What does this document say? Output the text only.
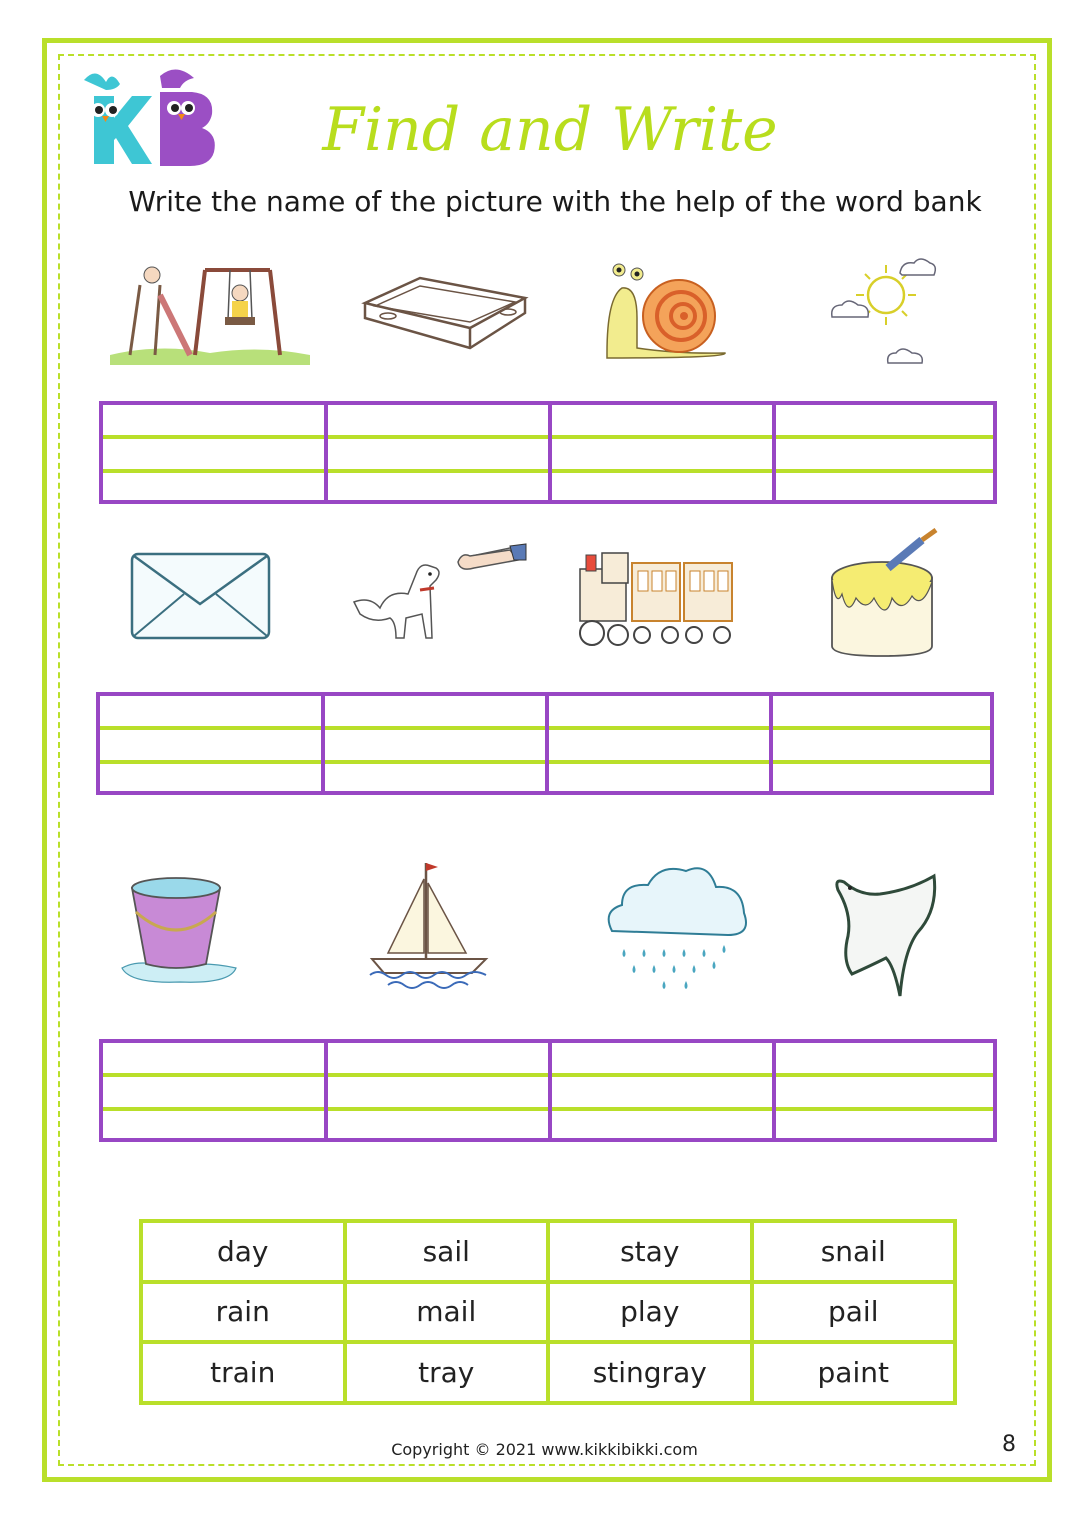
Find and Write
Write the name of the picture with the help of the word bank
day	sail	stay	snail
rain	mail	play	pail
train	tray	stingray	paint
Copyright © 2021 www.kikkibikki.com	8
